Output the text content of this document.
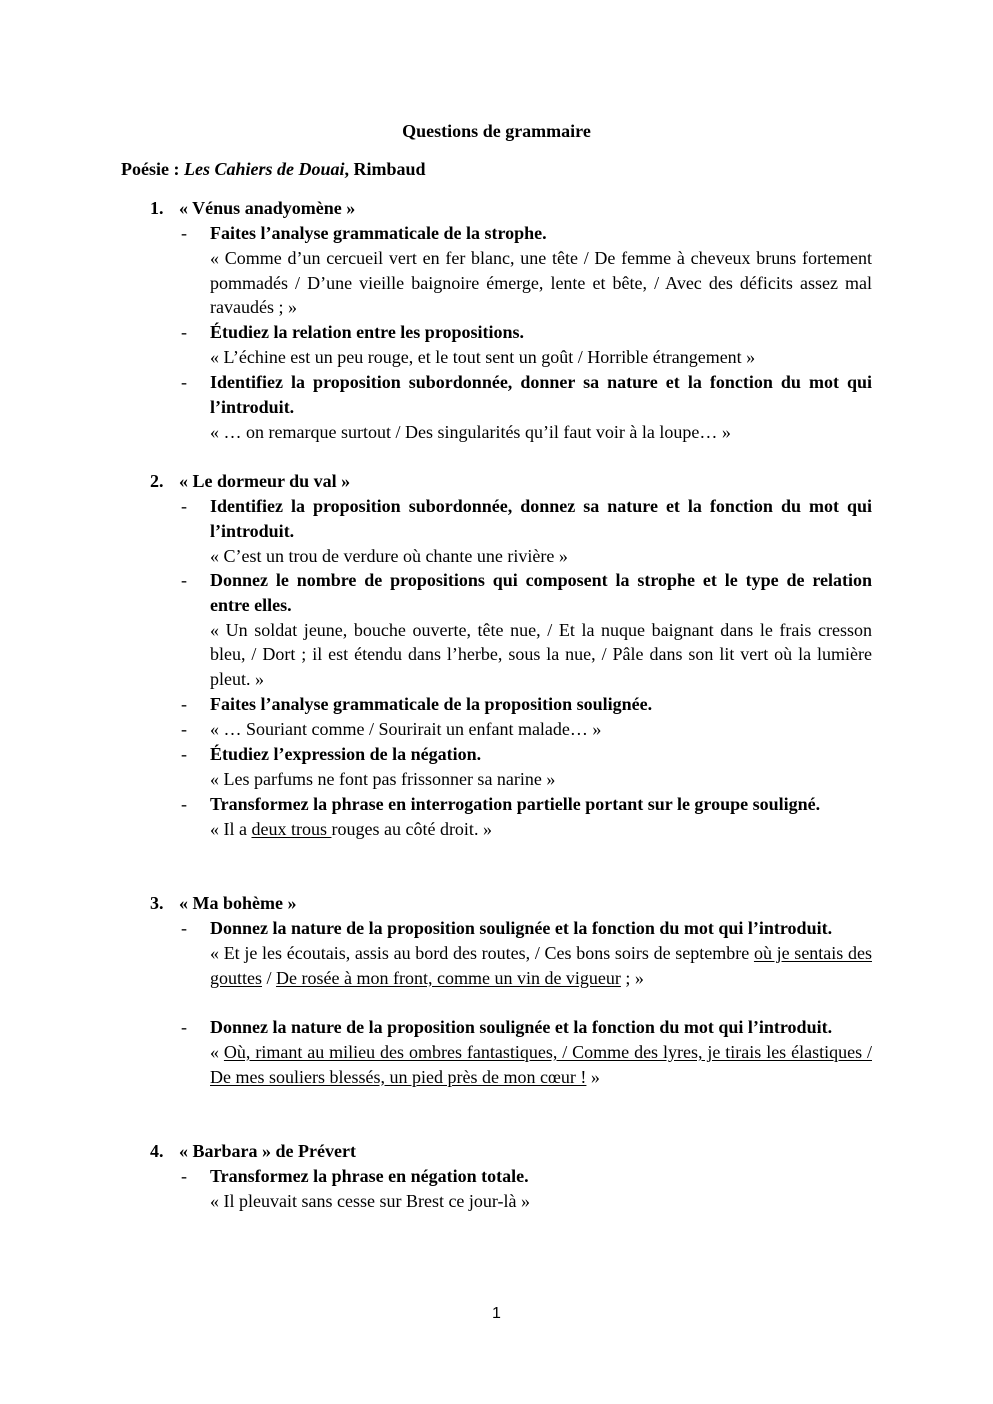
Questions de grammaire
Poésie : Les Cahiers de Douai, Rimbaud
1. « Vénus anadyomène »
- Faites l’analyse grammaticale de la strophe.
« Comme d’un cercueil vert en fer blanc, une tête / De femme à cheveux bruns fortement pommadés / D’une vieille baignoire émerge, lente et bête, / Avec des déficits assez mal ravaudés ; »
- Étudiez la relation entre les propositions.
« L’échine est un peu rouge, et le tout sent un goût / Horrible étrangement »
- Identifiez la proposition subordonnée, donner sa nature et la fonction du mot qui l’introduit.
« … on remarque surtout / Des singularités qu’il faut voir à la loupe… »
2. « Le dormeur du val »
- Identifiez la proposition subordonnée, donnez sa nature et la fonction du mot qui l’introduit.
« C’est un trou de verdure où chante une rivière »
- Donnez le nombre de propositions qui composent la strophe et le type de relation entre elles.
« Un soldat jeune, bouche ouverte, tête nue, / Et la nuque baignant dans le frais cresson bleu, / Dort ; il est étendu dans l’herbe, sous la nue, / Pâle dans son lit vert où la lumière pleut. »
- Faites l’analyse grammaticale de la proposition soulignée.
- « … Souriant comme / Sourirait un enfant malade… »
- Étudiez l’expression de la négation.
« Les parfums ne font pas frissonner sa narine »
- Transformez la phrase en interrogation partielle portant sur le groupe souligné.
« Il a deux trous rouges au côté droit. »
3. « Ma bohème »
- Donnez la nature de la proposition soulignée et la fonction du mot qui l’introduit.
« Et je les écoutais, assis au bord des routes, / Ces bons soirs de septembre où je sentais des gouttes / De rosée à mon front, comme un vin de vigueur ; »
- Donnez la nature de la proposition soulignée et la fonction du mot qui l’introduit.
« Où, rimant au milieu des ombres fantastiques, / Comme des lyres, je tirais les élastiques / De mes souliers blessés, un pied près de mon cœur ! »
4. « Barbara » de Prévert
- Transformez la phrase en négation totale.
« Il pleuvait sans cesse sur Brest ce jour-là »
1
